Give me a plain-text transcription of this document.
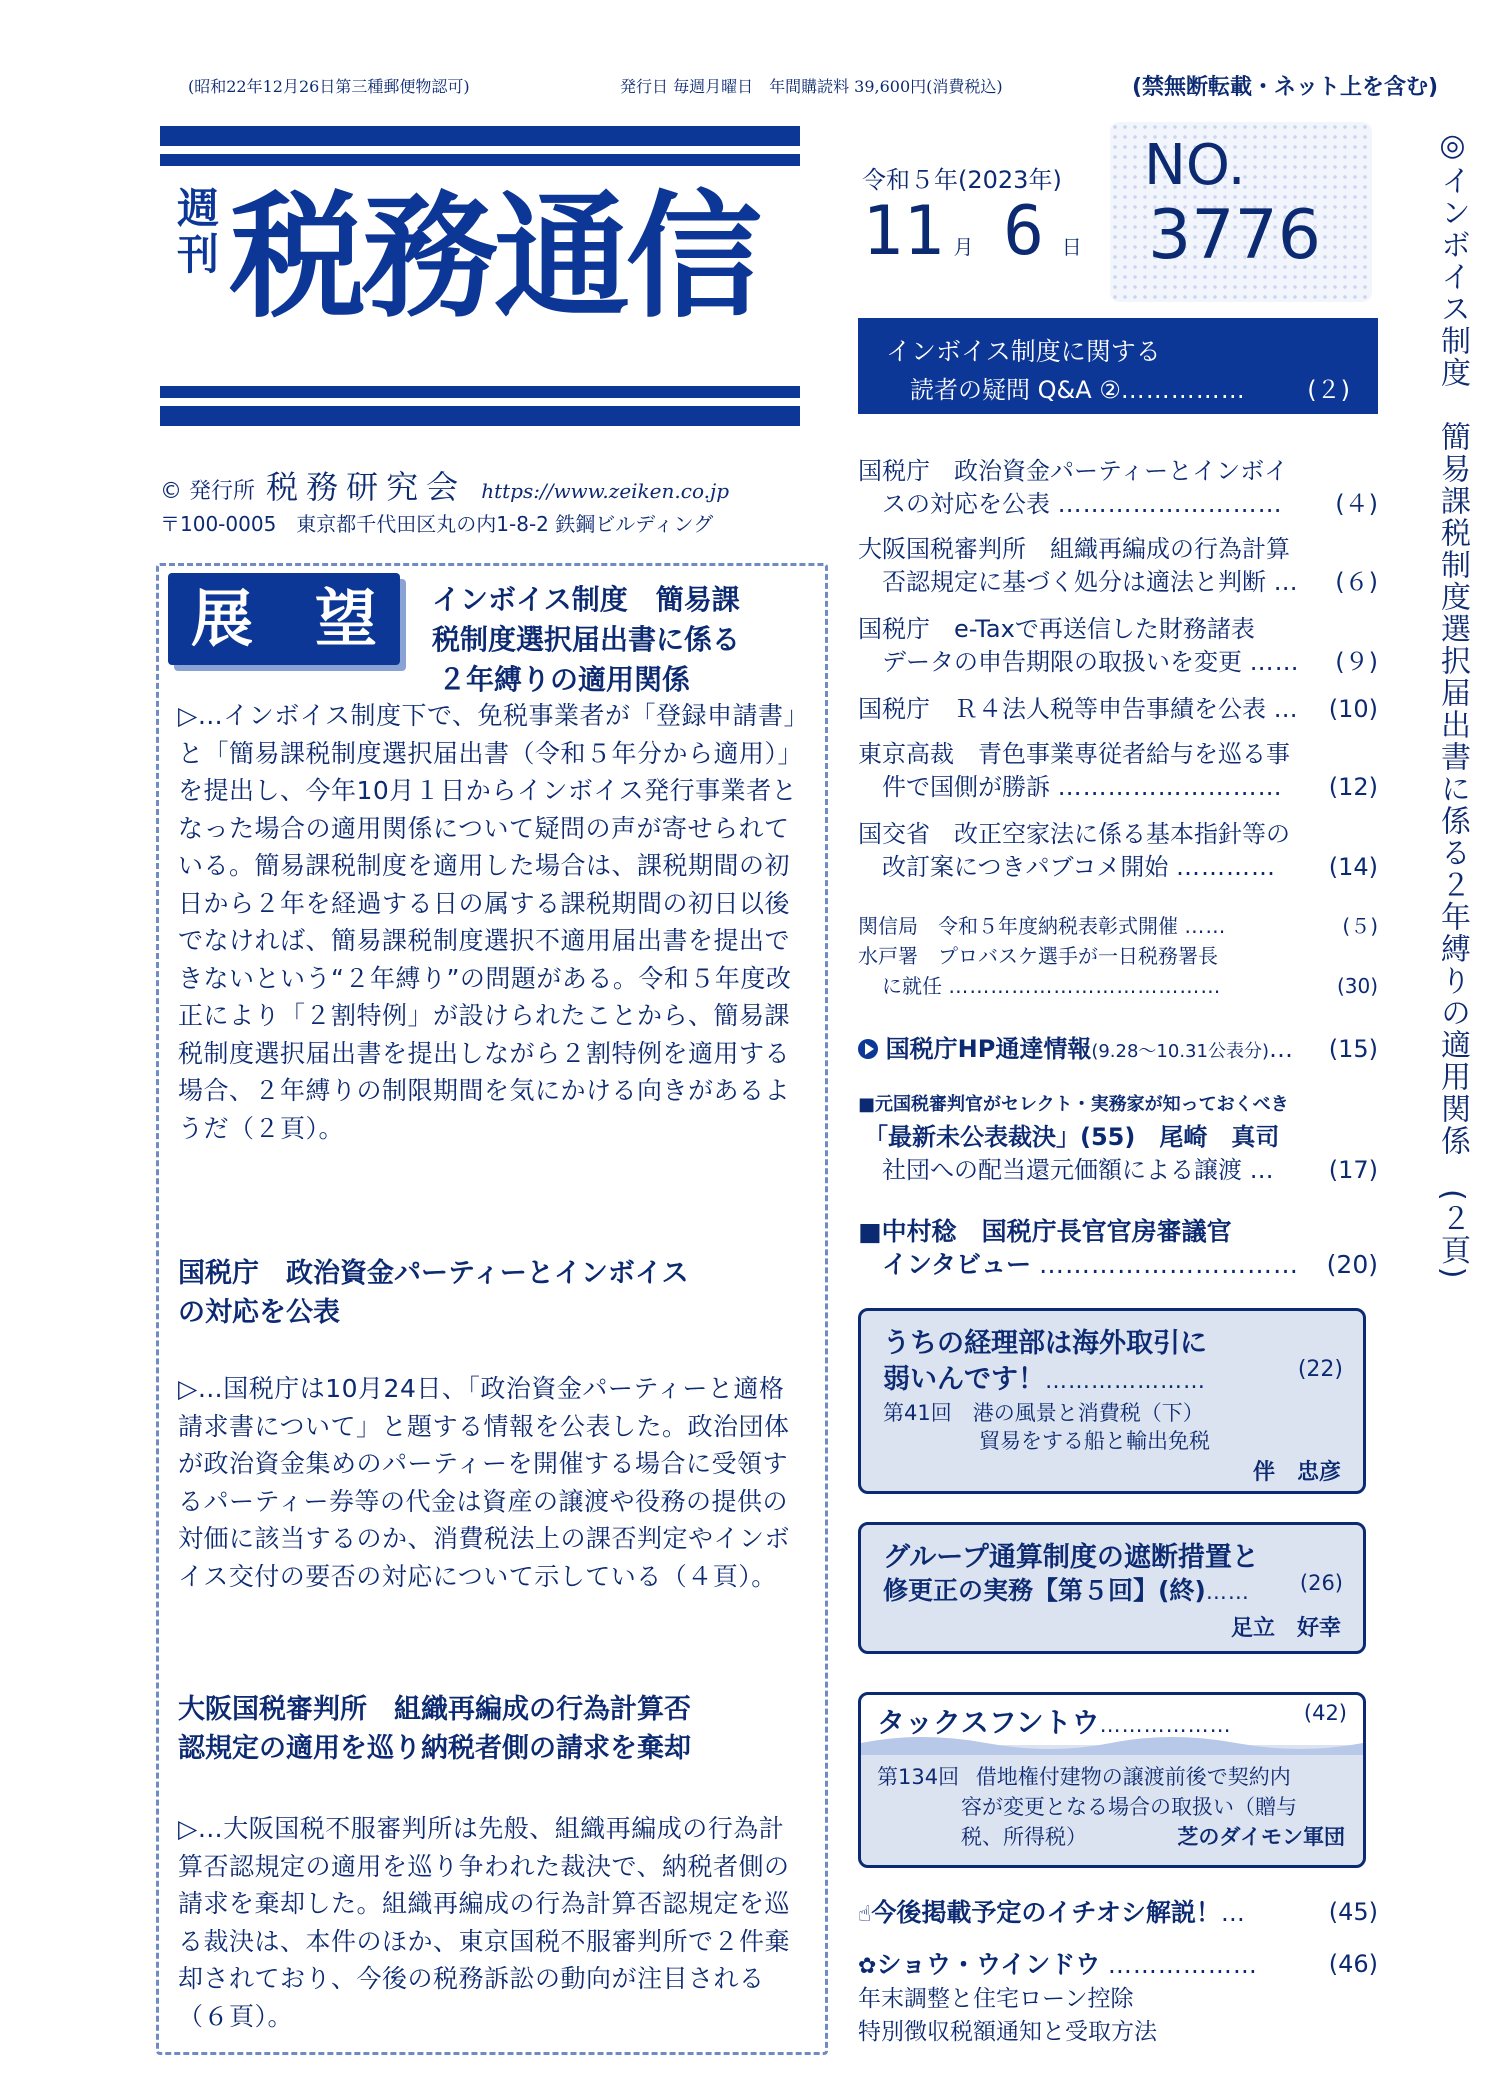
(昭和22年12月26日第三種郵便物認可)	発行日 毎週月曜日　年間購読料 39,600円(消費税込)	(禁無断転載・ネット上を含む)
週刊 税務通信	令和５年(2023年)
11 月 6 日
NO.
3776	◎インボイス制度　簡易課税制度選択届出書に係る２年縛りの適用関係　(２頁)
© 発行所 税務研究会 https://www.zeiken.co.jp
〒100-0005　東京都千代田区丸の内1-8-2 鉄鋼ビルディング
展　望	インボイス制度　簡易課
税制度選択届出書に係る
２年縛りの適用関係
▷…インボイス制度下で、免税事業者が「登録申請書」と「簡易課税制度選択届出書（令和５年分から適用）」を提出し、今年10月１日からインボイス発行事業者となった場合の適用関係について疑問の声が寄せられている。簡易課税制度を適用した場合は、課税期間の初日から２年を経過する日の属する課税期間の初日以後でなければ、簡易課税制度選択不適用届出書を提出できないという“２年縛り”の問題がある。令和５年度改正により「２割特例」が設けられたことから、簡易課税制度選択届出書を提出しながら２割特例を適用する場合、２年縛りの制限期間を気にかける向きがあるようだ（２頁）。
国税庁　政治資金パーティーとインボイス
の対応を公表
▷…国税庁は10月24日、「政治資金パーティーと適格請求書について」と題する情報を公表した。政治団体が政治資金集めのパーティーを開催する場合に受領するパーティー券等の代金は資産の譲渡や役務の提供の対価に該当するのか、消費税法上の課否判定やインボイス交付の要否の対応について示している（４頁）。
大阪国税審判所　組織再編成の行為計算否
認規定の適用を巡り納税者側の請求を棄却
▷…大阪国税不服審判所は先般、組織再編成の行為計算否認規定の適用を巡り争われた裁決で、納税者側の請求を棄却した。組織再編成の行為計算否認規定を巡る裁決は、本件のほか、東京国税不服審判所で２件棄却されており、今後の税務訴訟の動向が注目される（６頁）。
インボイス制度に関する
読者の疑問 Q&A ②……………	(２)
国税庁　政治資金パーティーとインボイ
スの対応を公表 ……………………… (４)
大阪国税審判所　組織再編成の行為計算
否認規定に基づく処分は適法と判断 … (６)
国税庁　e-Taxで再送信した財務諸表
データの申告期限の取扱いを変更 …… (９)
国税庁　Ｒ４法人税等申告事績を公表 … (10)
東京高裁　青色事業専従者給与を巡る事
件で国側が勝訴 ……………………… (12)
国交省　改正空家法に係る基本指針等の
改訂案につきパブコメ開始 ………… (14)
関信局　令和５年度納税表彰式開催 ……	(５)
水戸署　プロバスケ選手が一日税務署長
に就任 …………………………………	(30)
国税庁HP通達情報(9.28～10.31公表分)… (15)
■元国税審判官がセレクト・実務家が知っておくべき
「最新未公表裁決」(55)　尾崎　真司
社団への配当還元価額による譲渡 … (17)
■中村稔　国税庁長官官房審議官
インタビュー ………………………… (20)
うちの経理部は海外取引に
弱いんです！…………………	(22)
第41回　港の風景と消費税（下）
貿易をする船と輸出免税
伴　忠彦
グループ通算制度の遮断措置と
修更正の実務【第５回】(終)…… (26)
足立　好幸
タックスフントウ………………	(42)
第134回 借地権付建物の譲渡前後で契約内
容が変更となる場合の取扱い（贈与
税、所得税）	芝のダイモン軍団
☝今後掲載予定のイチオシ解説！…	(45)
✿ショウ・ウインドウ ………………	(46)
年末調整と住宅ローン控除
特別徴収税額通知と受取方法
